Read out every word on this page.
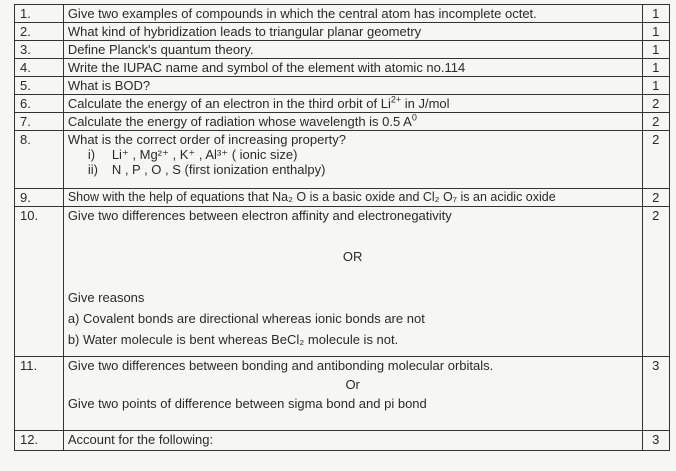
1.	Give two examples of compounds in which the central atom has incomplete octet.	1
2.	What kind of hybridization leads to triangular planar geometry	1
3.	Define Planck's quantum theory.	1
4.	Write the IUPAC name and symbol of the element with atomic no.114	1
5.	What is BOD?	1
6.	Calculate the energy of an electron in the third orbit of $Li^{2+}$ in J/mol	2
7.	Calculate the energy of radiation whose wavelength is 0.5 $A^0$	2
8.	What is the correct order of increasing property?
i) Li⁺ , Mg²⁺ , K⁺ , Al³⁺ ( ionic size)
ii) N , P , O , S (first ionization enthalpy)	2
9.	Show with the help of equations that Na₂ O is a basic oxide and Cl₂ O₇ is an acidic oxide	2
10.	Give two differences between electron affinity and electronegativity
OR
Give reasons
a) Covalent bonds are directional whereas ionic bonds are not
b) Water molecule is bent whereas BeCl₂ molecule is not.	2
11.	Give two differences between bonding and antibonding molecular orbitals.
Or
Give two points of difference between sigma bond and pi bond	3
12.	Account for the following:	3
